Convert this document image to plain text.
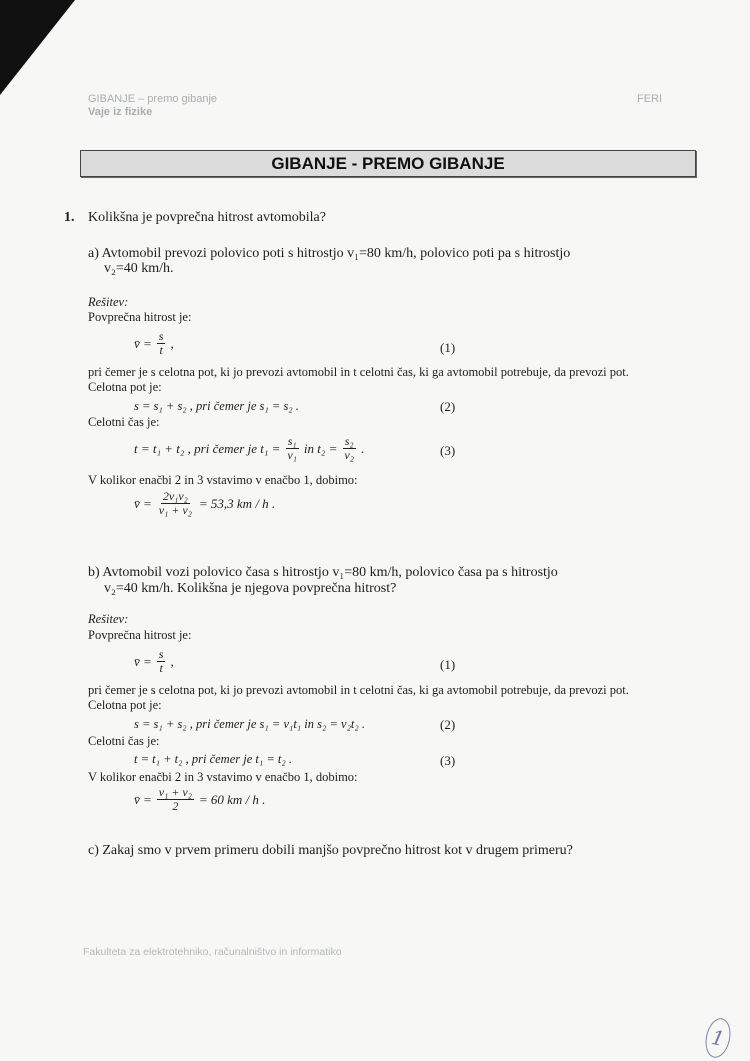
GIBANJE – premo gibanje
Vaje iz fizike
FERI
GIBANJE - PREMO GIBANJE
1. Kolikšna je povprečna hitrost avtomobila?
a) Avtomobil prevozi polovico poti s hitrostjo v₁=80 km/h, polovico poti pa s hitrostjo
v₂=40 km/h.
Rešitev:
Povprečna hitrost je:
v̄ = $\frac{s}{t}$ ,	(1)
pri čemer je s celotna pot, ki jo prevozi avtomobil in t celotni čas, ki ga avtomobil potrebuje, da prevozi pot.
Celotna pot je:
s = s₁ + s₂ , pri čemer je s₁ = s₂ .	(2)
Celotni čas je:
t = t₁ + t₂ , pri čemer je $t_1 = \frac{\text{s₁}}{\text{v₁}}$ in $t_2 = \frac{\text{s₂}}{\text{v₂}}$ .	(3)
V kolikor enačbi 2 in 3 vstavimo v enačbo 1, dobimo:
v̄ = $\frac{\text{2v₁v₂}}{\text{v₁ + v₂}} = 53,3$ km / h .
b) Avtomobil vozi polovico časa s hitrostjo v₁=80 km/h, polovico časa pa s hitrostjo
v₂=40 km/h. Kolikšna je njegova povprečna hitrost?
Rešitev:
Povprečna hitrost je:
v̄ = $\frac{s}{t}$ ,	(1)
pri čemer je s celotna pot, ki jo prevozi avtomobil in t celotni čas, ki ga avtomobil potrebuje, da prevozi pot.
Celotna pot je:
s = s₁ + s₂ , pri čemer je s₁ = v₁t₁ in s₂ = v₂t₂ .	(2)
Celotni čas je:
t = t₁ + t₂ , pri čemer je t₁ = t₂ .	(3)
V kolikor enačbi 2 in 3 vstavimo v enačbo 1, dobimo:
v̄ = $\frac{\text{v₁ + v₂}}{2} = 60$ km / h .
c) Zakaj smo v prvem primeru dobili manjšo povprečno hitrost kot v drugem primeru?
Fakulteta za elektrotehniko, računalništvo in informatiko
1
